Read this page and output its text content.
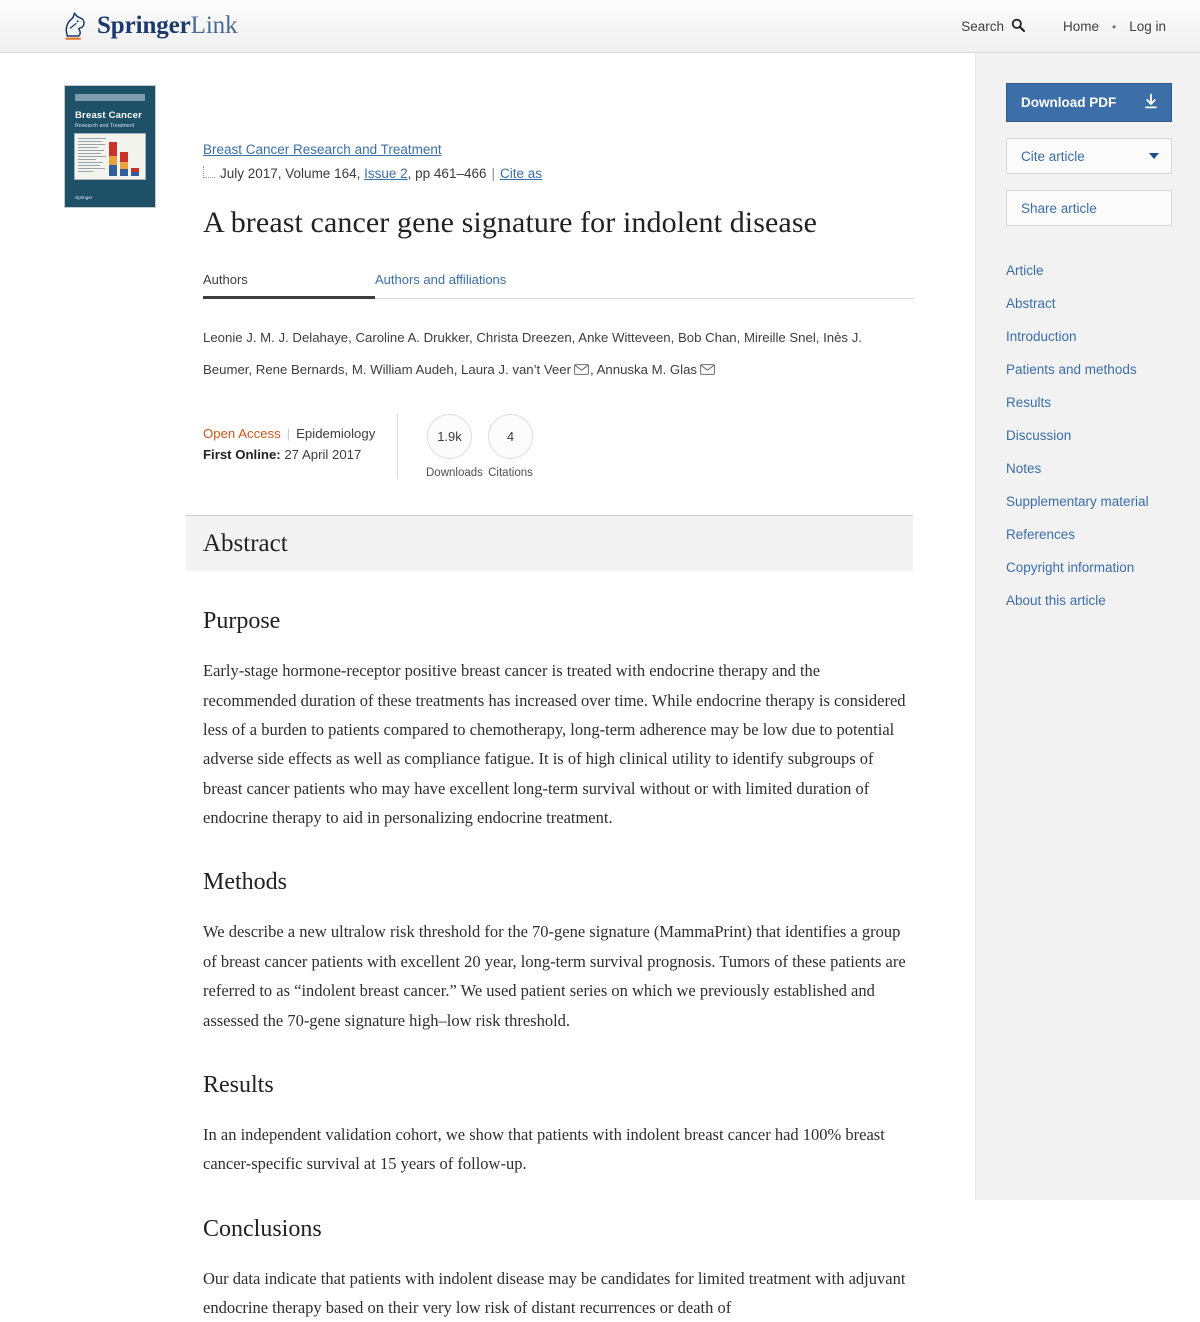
SpringerLink	Search	Home	• Log in
Download PDF
Cite article
Share article
Article
Abstract
Introduction
Patients and methods
Results
Discussion
Notes
Supplementary material
References
Copyright information
About this article
Breast Cancer
Research and Treatment
Springer
Breast Cancer Research and Treatment
July 2017, Volume 164,
Issue 2 , pp 461–466 | Cite as
A breast cancer gene signature for indolent disease
Authors	Authors and affiliations
Leonie J. M. J. Delahaye, Caroline A. Drukker, Christa Dreezen, Anke Witteveen, Bob Chan, Mireille Snel, Inès J. Beumer, Rene Bernards, M. William Audeh, Laura J. van’t Veer , Annuska M. Glas
Open Access | Epidemiology
First Online: 27 April 2017
1.9k
Downloads
4
Citations
Abstract
Purpose

Early-stage hormone-receptor positive breast cancer is treated with endocrine therapy and the recommended duration of these treatments has increased over time. While endocrine therapy is considered less of a burden to patients compared to chemotherapy, long-term adherence may be low due to potential adverse side effects as well as compliance fatigue. It is of high clinical utility to identify subgroups of breast cancer patients who may have excellent long-term survival without or with limited duration of endocrine therapy to aid in personalizing endocrine treatment.

Methods

We describe a new ultralow risk threshold for the 70-gene signature (MammaPrint) that identifies a group of breast cancer patients with excellent 20 year, long-term survival prognosis. Tumors of these patients are referred to as “indolent breast cancer.” We used patient series on which we previously established and assessed the 70-gene signature high–low risk threshold.

Results

In an independent validation cohort, we show that patients with indolent breast cancer had 100% breast cancer-specific survival at 15 years of follow-up.

Conclusions

Our data indicate that patients with indolent disease may be candidates for limited treatment with adjuvant endocrine therapy based on their very low risk of distant recurrences or death of
